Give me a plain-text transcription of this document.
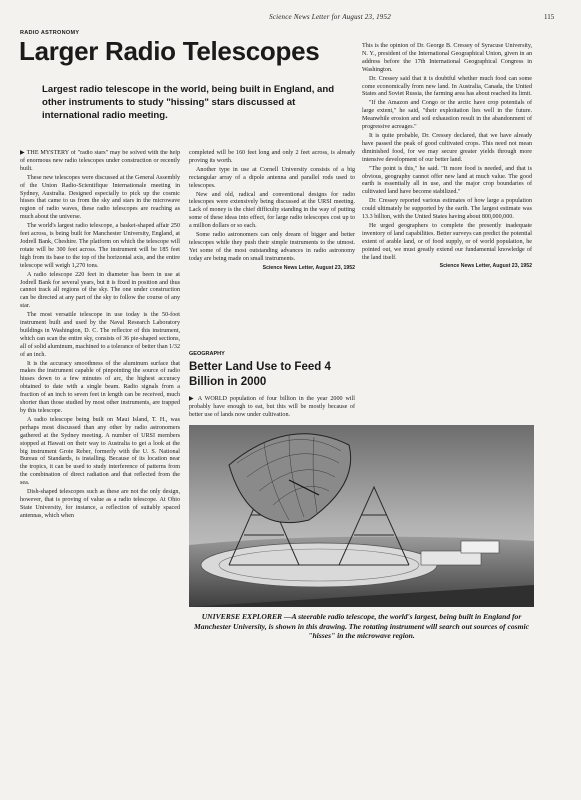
Science News Letter for August 23, 1952	115
RADIO ASTRONOMY
Larger Radio Telescopes
Largest radio telescope in the world, being built in England, and other instruments to study "hissing" stars discussed at international radio meeting.

▶ THE MYSTERY of "radio stars" may be solved with the help of enormous new radio telescopes under construction or recently built.

These new telescopes were discussed at the General Assembly of the Union Radio-Scientifique Internationale meeting in Sydney, Australia. Designed especially to pick up the cosmic hisses that came to us from the sky and stars in the microwave region of radio waves, these radio telescopes are reaching as much about the universe.

The world's largest radio telescope, a basket-shaped affair 250 feet across, is being built for Manchester University, England, at Jodrell Bank, Cheshire. The platform on which the telescope will rotate will be 300 feet across. The instrument will be 185 feet high from its base to the top of the horizontal axis, and the entire telescope will weigh 1,270 tons.

A radio telescope 220 feet in diameter has been in use at Jodrell Bank for several years, but it is fixed in position and thus cannot track all regions of the sky. The one under construction can be directed at any part of the sky to follow the course of any star.

The most versatile telescope in use today is the 50-foot instrument built and used by the Naval Research Laboratory buildings in Washington, D. C. The reflector of this instrument, which can scan the entire sky, consists of 36 pie-shaped sections, all of solid aluminum, machined to a tolerance of better than 1/32 of an inch.

It is the accuracy smoothness of the aluminum surface that makes the instrument capable of pinpointing the source of radio hisses down to a few minutes of arc, the highest accuracy obtained to date with a single beam. Radio signals from a fraction of an inch to seven feet in length can be received, much shorter than those studied by most other instruments, are trapped by this telescope.

A radio telescope being built on Maui Island, T. H., was perhaps most discussed than any other by radio astronomers gathered at the Sydney meeting. A number of URSI members stopped at Hawaii on their way to Australia to get a look at the big instrument Grote Reber, formerly with the U. S. National Bureau of Standards, is installing. Because of its location near the tropics, it can be used to study interference of patterns from the combination of direct radiation and that reflected from the sea.

Dish-shaped telescopes such as these are not the only design, however, that is proving of value as a radio telescope. At Ohio State University, for instance, a reflection of suitably spaced antennas, which when

completed will be 160 feet long and only 2 feet across, is already proving its worth.

Another type in use at Cornell University consists of a big rectangular array of a dipole antenna and parallel rods used to telescopes.

New and old, radical and conventional designs for radio telescopes were extensively being discussed at the URSI meeting. Lack of money is the chief difficulty standing in the way of putting some of these ideas into effect, for large radio telescopes cost up to a million dollars or so each.

Some radio astronomers can only dream of bigger and better telescopes while they push their simple instruments to the utmost. Yet some of the most outstanding advances in radio astronomy today are being made on small instruments.

Science News Letter, August 23, 1952
GEOGRAPHY
Better Land Use to Feed 4 Billion in 2000

▶ A WORLD population of four billion in the year 2000 will probably have enough to eat, but this will be mostly because of better use of lands now under cultivation.

This is the opinion of Dr. George B. Cressey of Syracuse University, N. Y., president of the International Geographical Union, given in an address before the 17th International Geographical Congress in Washington.

Dr. Cressey said that it is doubtful whether much food can some come economically from new land. In Australia, Canada, the United States and Soviet Russia, the farming area has about reached its limit.

"If the Amazon and Congo or the arctic have crop potentials of large extent," he said, "their exploitation lies well in the future. Meanwhile erosion and soil exhaustion result in the abandonment of progressive acreages."

It is quite probable, Dr. Cressey declared, that we have already have passed the peak of good cultivated crops. This need not mean diminished food, for we may secure greater yields through more intensive development of our better land.

"The point is this," he said. "It more food is needed, and that is obvious, geography cannot offer new land at much value. The good earth is essentially all in use, and the major crop boundaries of cultivated land have become stabilized."

Dr. Cressey reported various estimates of how large a population could ultimately be supported by the earth. The largest estimate was 13.3 billion, with the United States having about 800,000,000.

He urged geographers to complete the presently inadequate inventory of land capabilities. Better surveys can predict the potential extent of arable land, or of food supply, or of world population, he pointed out, we must greatly extend our fundamental knowledge of the land itself.

Science News Letter, August 23, 1952
UNIVERSE EXPLORER —A steerable radio telescope, the world's largest, being built in England for Manchester University, is shown in this drawing. The rotating instrument will search out sources of cosmic "hisses" in the microwave region.
